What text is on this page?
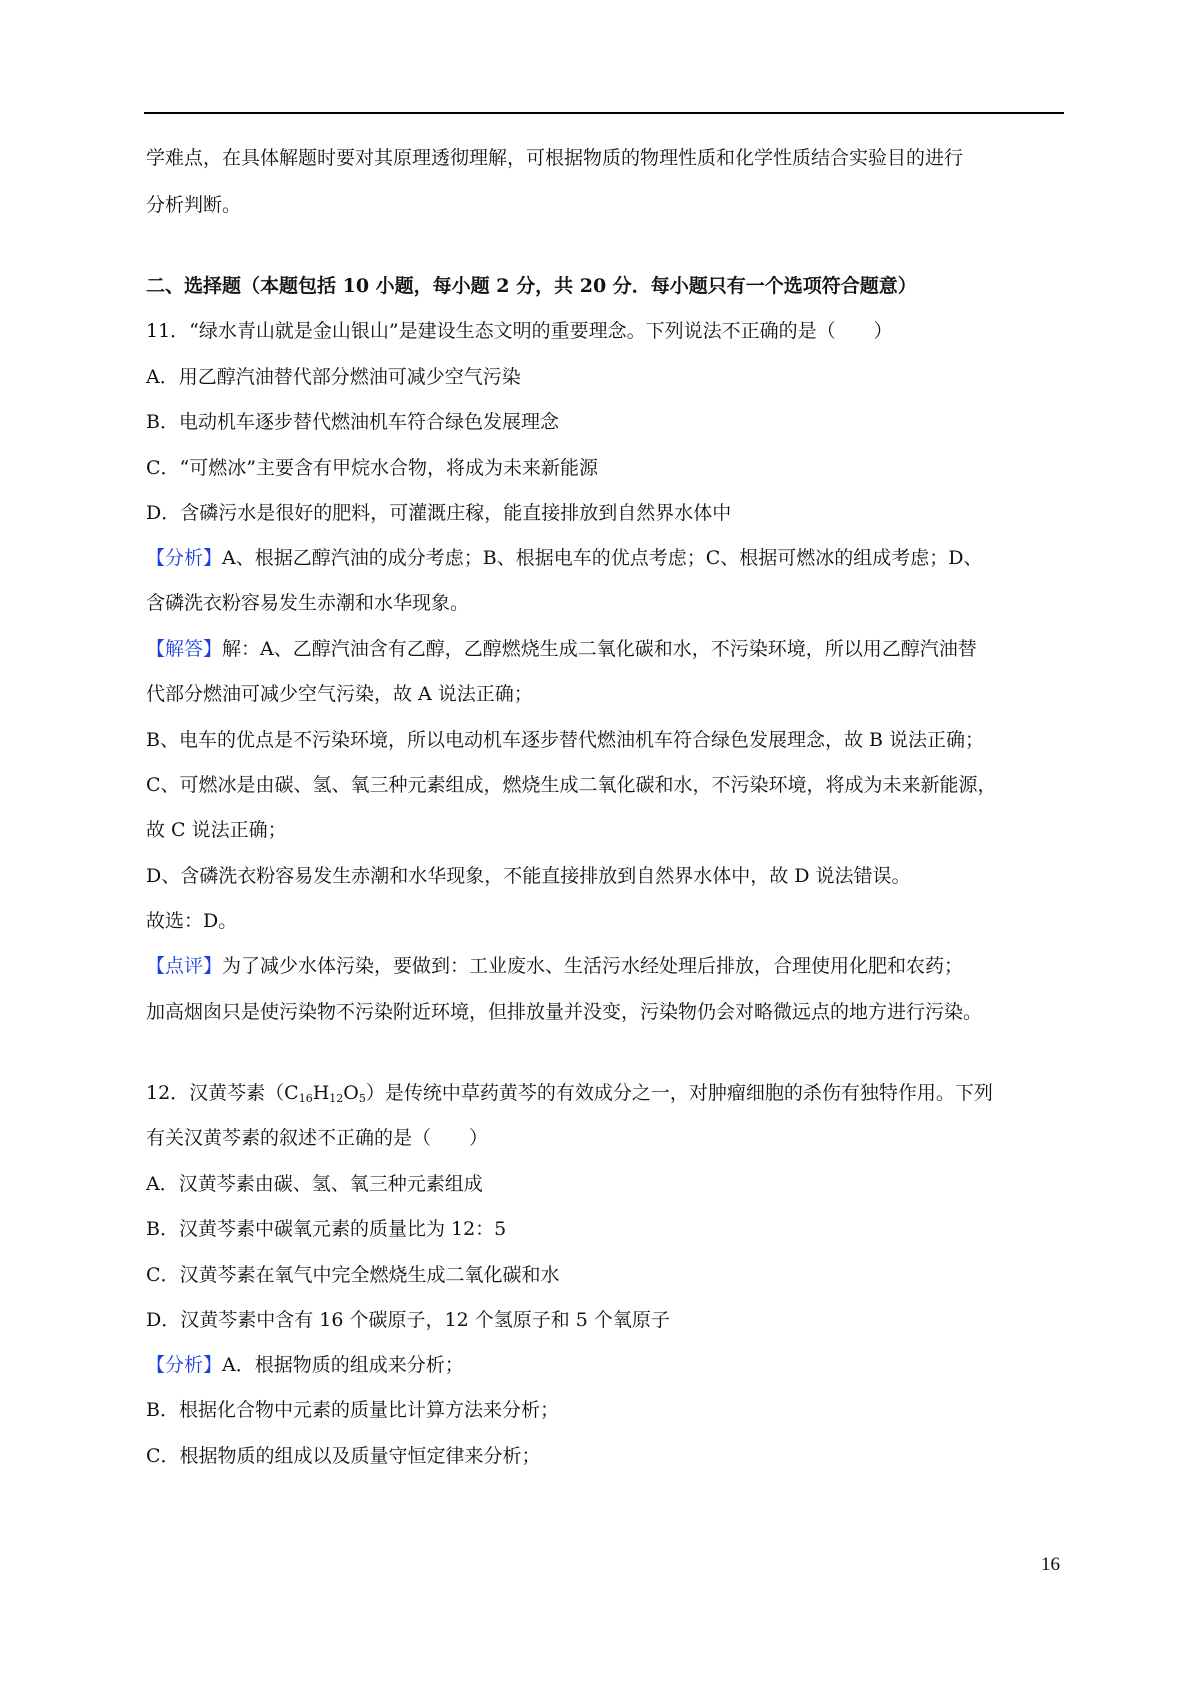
学难点，在具体解题时要对其原理透彻理解，可根据物质的物理性质和化学性质结合实验目的进行
分析判断。
二、选择题（本题包括 10 小题，每小题 2 分，共 20 分．每小题只有一个选项符合题意）
11．“绿水青山就是金山银山”是建设生态文明的重要理念。下列说法不正确的是（　　）
A．用乙醇汽油替代部分燃油可减少空气污染
B．电动机车逐步替代燃油机车符合绿色发展理念
C．“可燃冰”主要含有甲烷水合物，将成为未来新能源
D．含磷污水是很好的肥料，可灌溉庄稼，能直接排放到自然界水体中
【分析】A、根据乙醇汽油的成分考虑；B、根据电车的优点考虑；C、根据可燃冰的组成考虑；D、
含磷洗衣粉容易发生赤潮和水华现象。
【解答】解：A、乙醇汽油含有乙醇，乙醇燃烧生成二氧化碳和水，不污染环境，所以用乙醇汽油替
代部分燃油可减少空气污染，故 A 说法正确；
B、电车的优点是不污染环境，所以电动机车逐步替代燃油机车符合绿色发展理念，故 B 说法正确；
C、可燃冰是由碳、氢、氧三种元素组成，燃烧生成二氧化碳和水，不污染环境，将成为未来新能源，
故 C 说法正确；
D、含磷洗衣粉容易发生赤潮和水华现象，不能直接排放到自然界水体中，故 D 说法错误。
故选：D。
【点评】为了减少水体污染，要做到：工业废水、生活污水经处理后排放，合理使用化肥和农药；
加高烟囱只是使污染物不污染附近环境，但排放量并没变，污染物仍会对略微远点的地方进行污染。
12．汉黄芩素$(C_{16}H_{12}O_5)$是传统中草药黄芩的有效成分之一，对肿瘤细胞的杀伤有独特作用。下列
有关汉黄芩素的叙述不正确的是（　　）
A．汉黄芩素由碳、氢、氧三种元素组成
B．汉黄芩素中碳氧元素的质量比为 12：5
C．汉黄芩素在氧气中完全燃烧生成二氧化碳和水
D．汉黄芩素中含有 16 个碳原子，12 个氢原子和 5 个氧原子
【分析】A．根据物质的组成来分析；
B．根据化合物中元素的质量比计算方法来分析；
C．根据物质的组成以及质量守恒定律来分析；
16
